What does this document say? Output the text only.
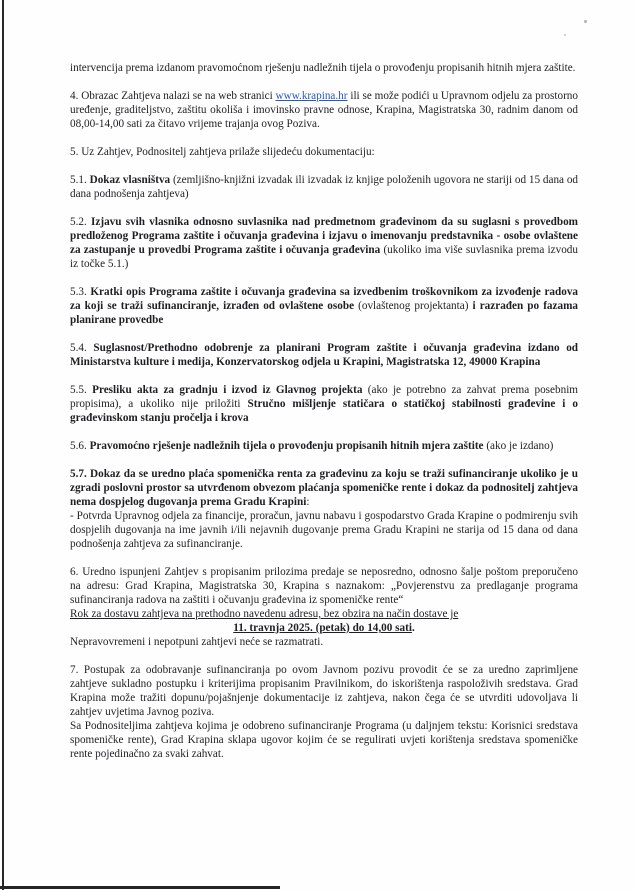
intervencija prema izdanom pravomoćnom rješenju nadležnih tijela o provođenju propisanih hitnih mjera zaštite.

4. Obrazac Zahtjeva nalazi se na web stranici www.krapina.hr ili se može podići u Upravnom odjelu za prostorno uređenje, graditeljstvo, zaštitu okoliša i imovinsko pravne odnose, Krapina, Magistratska 30, radnim danom od 08,00-14,00 sati za čitavo vrijeme trajanja ovog Poziva.

5. Uz Zahtjev, Podnositelj zahtjeva prilaže slijedeću dokumentaciju:

5.1. Dokaz vlasništva (zemljišno-knjižni izvadak ili izvadak iz knjige položenih ugovora ne stariji od 15 dana od dana podnošenja zahtjeva)

5.2. Izjavu svih vlasnika odnosno suvlasnika nad predmetnom građevinom da su suglasni s provedbom predloženog Programa zaštite i očuvanja građevina i izjavu o imenovanju predstavnika - osobe ovlaštene za zastupanje u provedbi Programa zaštite i očuvanja građevina (ukoliko ima više suvlasnika prema izvodu iz točke 5.1.)

5.3. Kratki opis Programa zaštite i očuvanja građevina sa izvedbenim troškovnikom za izvođenje radova za koji se traži sufinanciranje, izrađen od ovlaštene osobe (ovlaštenog projektanta) i razrađen po fazama planirane provedbe

5.4. Suglasnost/Prethodno odobrenje za planirani Program zaštite i očuvanja građevina izdano od Ministarstva kulture i medija, Konzervatorskog odjela u Krapini, Magistratska 12, 49000 Krapina

5.5. Presliku akta za gradnju i izvod iz Glavnog projekta (ako je potrebno za zahvat prema posebnim propisima), a ukoliko nije priložiti Stručno mišljenje statičara o statičkoj stabilnosti građevine i o građevinskom stanju pročelja i krova

5.6. Pravomoćno rješenje nadležnih tijela o provođenju propisanih hitnih mjera zaštite (ako je izdano)

5.7. Dokaz da se uredno plaća spomenička renta za građevinu za koju se traži sufinanciranje ukoliko je u zgradi poslovni prostor sa utvrđenom obvezom plaćanja spomeničke rente i dokaz da podnositelj zahtjeva nema dospjelog dugovanja prema Gradu Krapini:

- Potvrda Upravnog odjela za financije, proračun, javnu nabavu i gospodarstvo Grada Krapine o podmirenju svih dospjelih dugovanja na ime javnih i/ili nejavnih dugovanje prema Gradu Krapini ne starija od 15 dana od dana podnošenja zahtjeva za sufinanciranje.

6. Uredno ispunjeni Zahtjev s propisanim prilozima predaje se neposredno, odnosno šalje poštom preporučeno na adresu: Grad Krapina, Magistratska 30, Krapina s naznakom: „Povjerenstvu za predlaganje programa sufinanciranja radova na zaštiti i očuvanju građevina iz spomeničke rente“

Rok za dostavu zahtjeva na prethodno navedenu adresu, bez obzira na način dostave je

11. travnja 2025. (petak) do 14,00 sati.

Nepravovremeni i nepotpuni zahtjevi neće se razmatrati.

7. Postupak za odobravanje sufinanciranja po ovom Javnom pozivu provodit će se za uredno zaprimljene zahtjeve sukladno postupku i kriterijima propisanim Pravilnikom, do iskorištenja raspoloživih sredstava. Grad Krapina može tražiti dopunu/pojašnjenje dokumentacije iz zahtjeva, nakon čega će se utvrditi udovoljava li zahtjev uvjetima Javnog poziva.

Sa Podnositeljima zahtjeva kojima je odobreno sufinanciranje Programa (u daljnjem tekstu: Korisnici sredstava spomeničke rente), Grad Krapina sklapa ugovor kojim će se regulirati uvjeti korištenja sredstava spomeničke rente pojedinačno za svaki zahvat.
